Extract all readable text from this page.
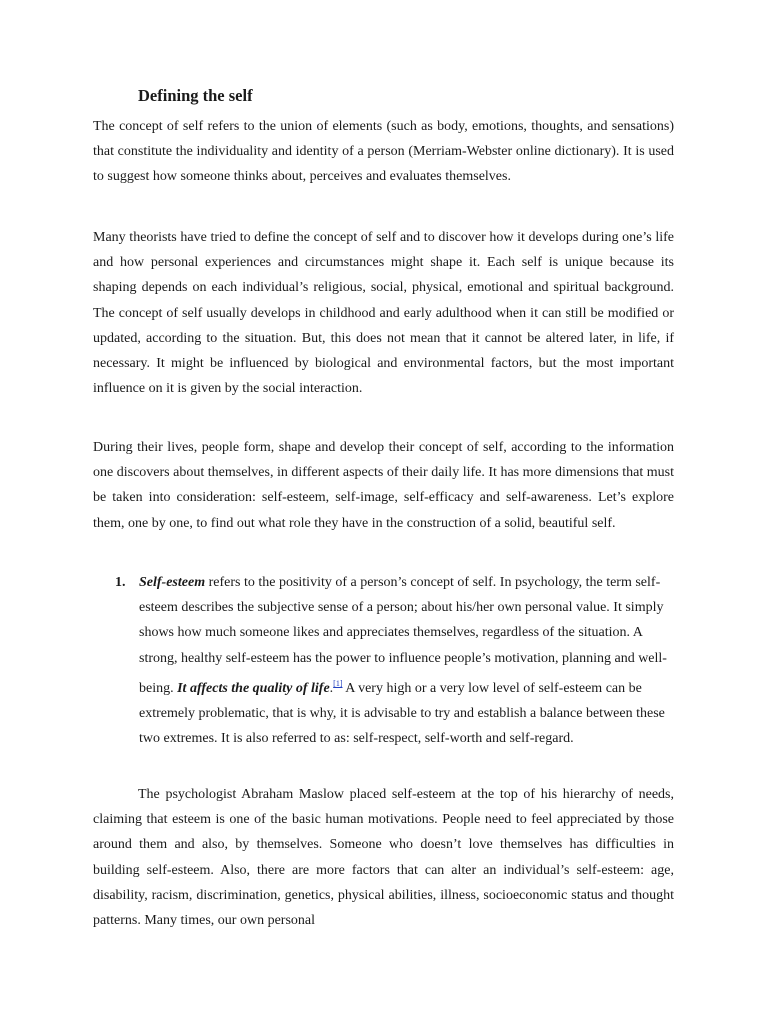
Defining the self

The concept of self refers to the union of elements (such as body, emotions, thoughts, and sensations) that constitute the individuality and identity of a person (Merriam-Webster online dictionary). It is used to suggest how someone thinks about, perceives and evaluates themselves.

Many theorists have tried to define the concept of self and to discover how it develops during one’s life and how personal experiences and circumstances might shape it. Each self is unique because its shaping depends on each individual’s religious, social, physical, emotional and spiritual background. The concept of self usually develops in childhood and early adulthood when it can still be modified or updated, according to the situation. But, this does not mean that it cannot be altered later, in life, if necessary. It might be influenced by biological and environmental factors, but the most important influence on it is given by the social interaction.

During their lives, people form, shape and develop their concept of self, according to the information one discovers about themselves, in different aspects of their daily life. It has more dimensions that must be taken into consideration: self-esteem, self-image, self-efficacy and self-awareness. Let’s explore them, one by one, to find out what role they have in the construction of a solid, beautiful self.

1. Self-esteem refers to the positivity of a person’s concept of self. In psychology, the term self-esteem describes the subjective sense of a person; about his/her own personal value. It simply shows how much someone likes and appreciates themselves, regardless of the situation. A strong, healthy self-esteem has the power to influence people’s motivation, planning and well-being. It affects the quality of life.[1] A very high or a very low level of self-esteem can be extremely problematic, that is why, it is advisable to try and establish a balance between these two extremes. It is also referred to as: self-respect, self-worth and self-regard.

The psychologist Abraham Maslow placed self-esteem at the top of his hierarchy of needs, claiming that esteem is one of the basic human motivations. People need to feel appreciated by those around them and also, by themselves. Someone who doesn’t love themselves has difficulties in building self-esteem. Also, there are more factors that can alter an individual’s self-esteem: age, disability, racism, discrimination, genetics, physical abilities, illness, socioeconomic status and thought patterns. Many times, our own personal
